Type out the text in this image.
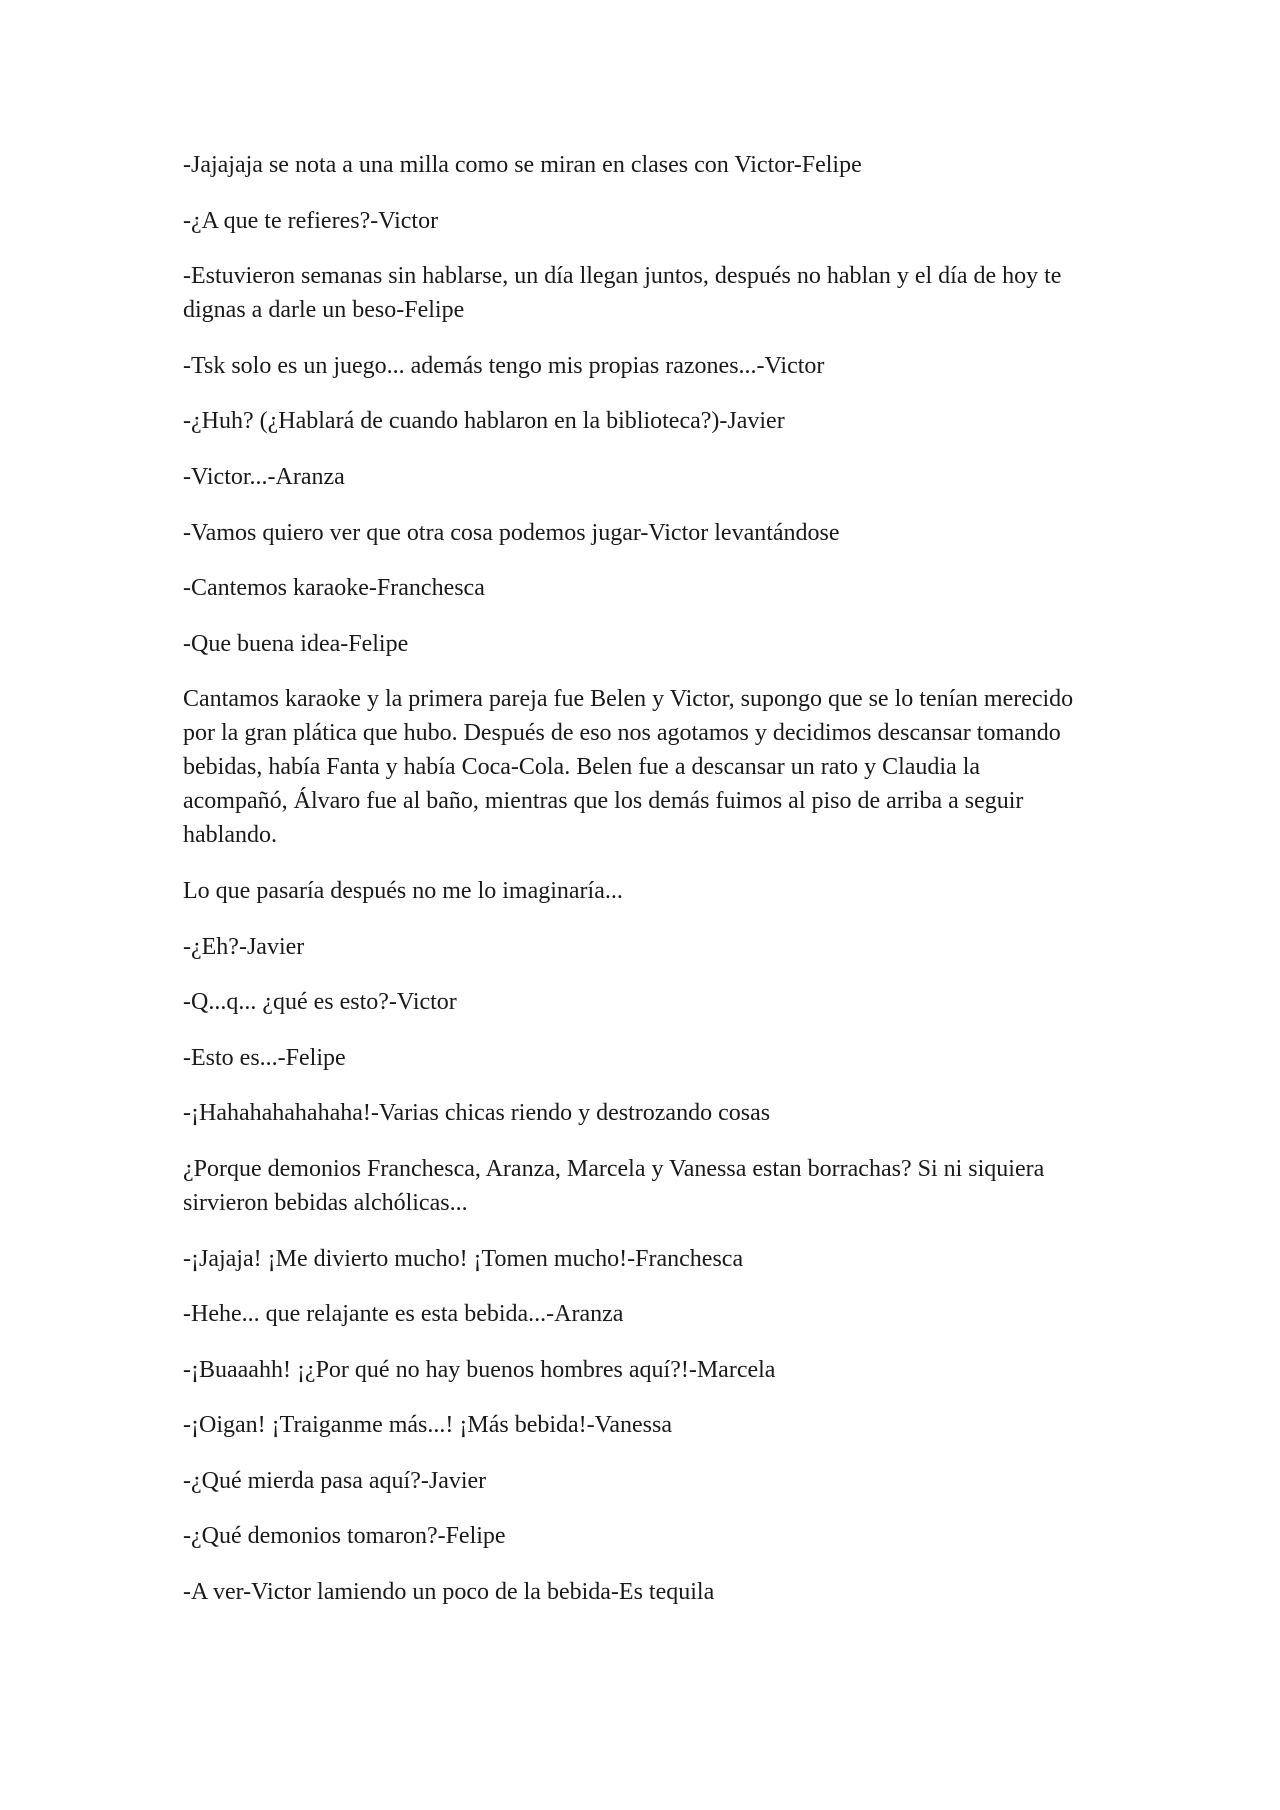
-Jajajaja se nota a una milla como se miran en clases con Victor-Felipe

-¿A que te refieres?-Victor

-Estuvieron semanas sin hablarse, un día llegan juntos, después no hablan y el día de hoy te dignas a darle un beso-Felipe

-Tsk solo es un juego... además tengo mis propias razones...-Victor

-¿Huh? (¿Hablará de cuando hablaron en la biblioteca?)-Javier

-Victor...-Aranza

-Vamos quiero ver que otra cosa podemos jugar-Victor levantándose

-Cantemos karaoke-Franchesca

-Que buena idea-Felipe

Cantamos karaoke y la primera pareja fue Belen y Victor, supongo que se lo tenían merecido por la gran plática que hubo. Después de eso nos agotamos y decidimos descansar tomando bebidas, había Fanta y había Coca-Cola. Belen fue a descansar un rato y Claudia la acompañó, Álvaro fue al baño, mientras que los demás fuimos al piso de arriba a seguir hablando.

Lo que pasaría después no me lo imaginaría...

-¿Eh?-Javier

-Q...q... ¿qué es esto?-Victor

-Esto es...-Felipe

-¡Hahahahahahaha!-Varias chicas riendo y destrozando cosas

¿Porque demonios Franchesca, Aranza, Marcela y Vanessa estan borrachas? Si ni siquiera sirvieron bebidas alchólicas...

-¡Jajaja! ¡Me divierto mucho! ¡Tomen mucho!-Franchesca

-Hehe... que relajante es esta bebida...-Aranza

-¡Buaaahh! ¡¿Por qué no hay buenos hombres aquí?!-Marcela

-¡Oigan! ¡Traiganme más...! ¡Más bebida!-Vanessa

-¿Qué mierda pasa aquí?-Javier

-¿Qué demonios tomaron?-Felipe

-A ver-Victor lamiendo un poco de la bebida-Es tequila
